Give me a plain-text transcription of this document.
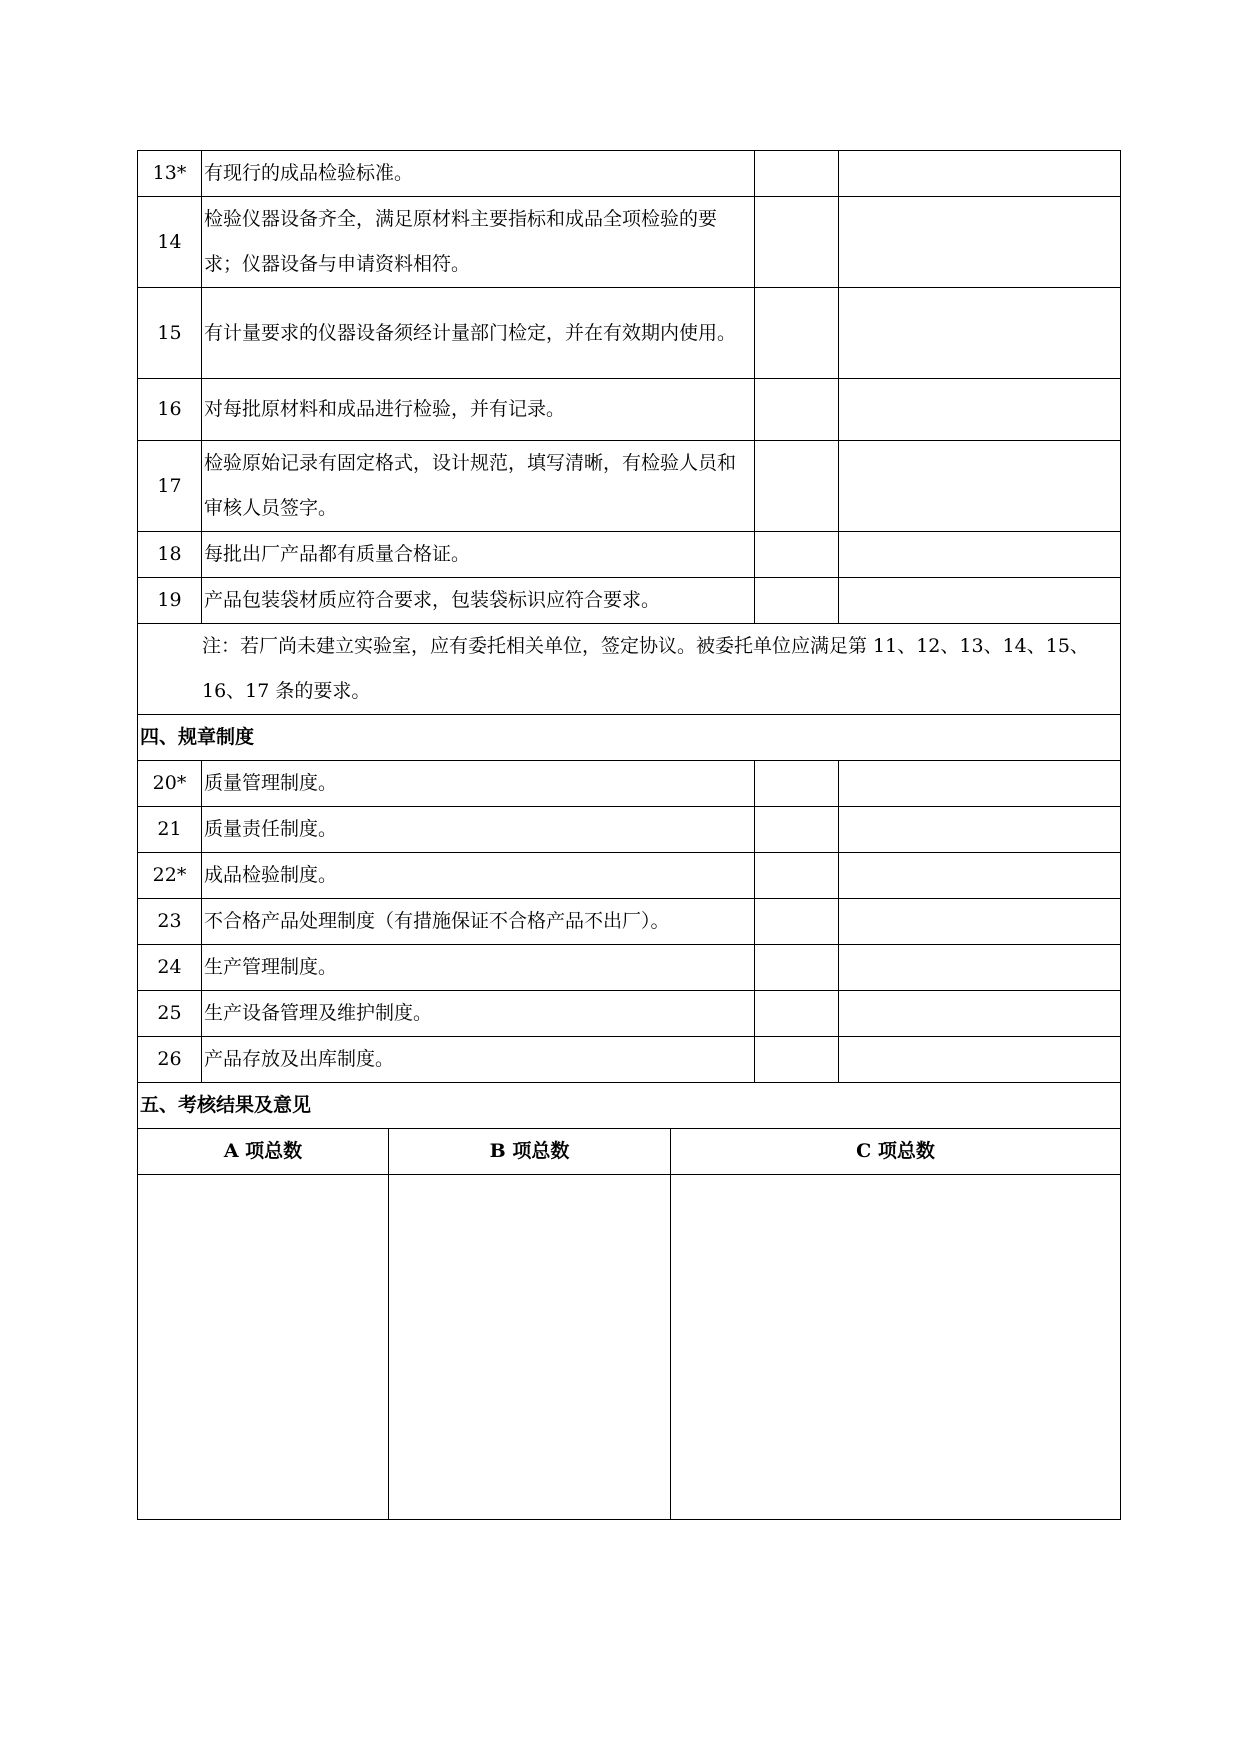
13*	有现行的成品检验标准。		
14	检验仪器设备齐全，满足原材料主要指标和成品全项检验的要求；仪器设备与申请资料相符。		
15	有计量要求的仪器设备须经计量部门检定，并在有效期内使用。		
16	对每批原材料和成品进行检验，并有记录。		
17	检验原始记录有固定格式，设计规范，填写清晰，有检验人员和审核人员签字。		
18	每批出厂产品都有质量合格证。		
19	产品包装袋材质应符合要求，包装袋标识应符合要求。		
注：若厂尚未建立实验室，应有委托相关单位，签定协议。被委托单位应满足第 11、12、13、14、15、16、17 条的要求。			
四、规章制度			
20*	质量管理制度。		
21	质量责任制度。		
22*	成品检验制度。		
23	不合格产品处理制度（有措施保证不合格产品不出厂）。		
24	生产管理制度。		
25	生产设备管理及维护制度。		
26	产品存放及出库制度。		
五、考核结果及意见			
A 项总数	B 项总数	C 项总数
